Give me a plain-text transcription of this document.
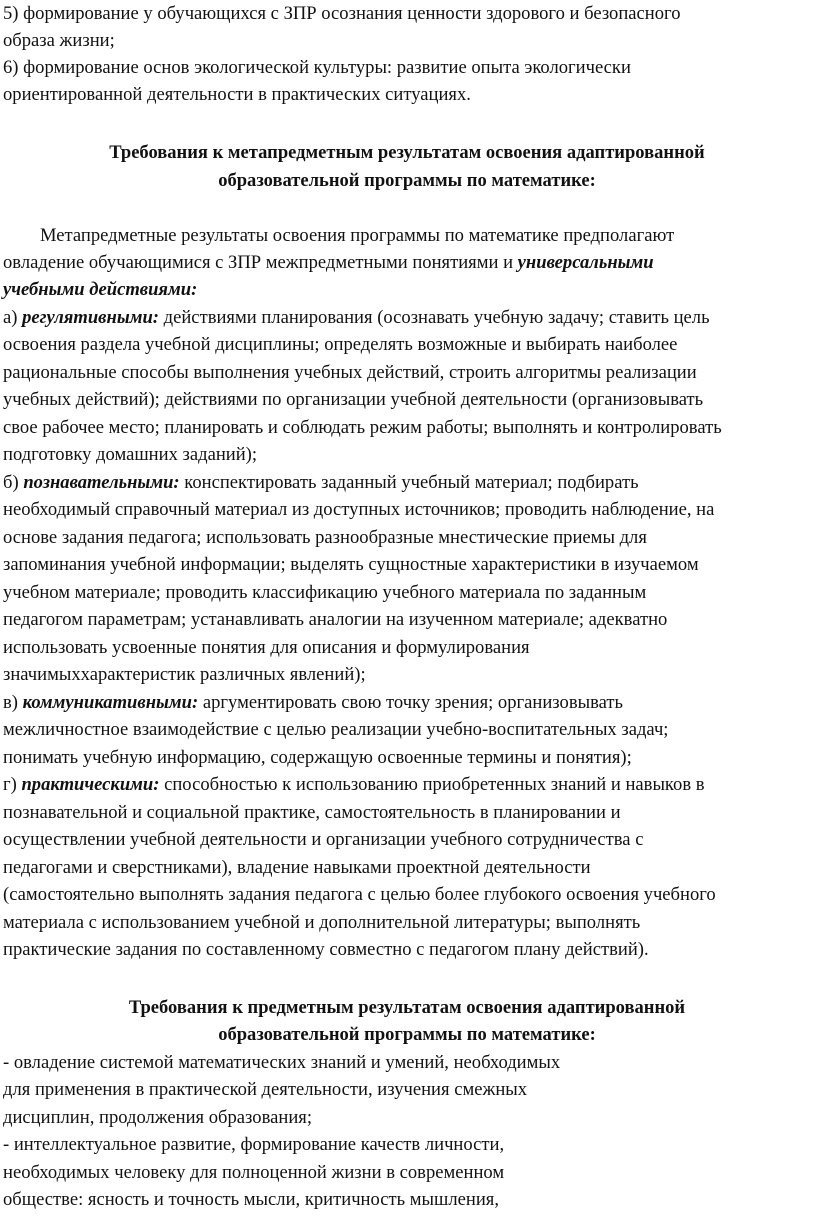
5) формирование у обучающихся с ЗПР осознания ценности здорового и безопасного
образа жизни;
6) формирование основ экологической культуры: развитие опыта экологически
ориентированной деятельности в практических ситуациях.
Требования к метапредметным результатам освоения адаптированной
образовательной программы по математике:
Метапредметные результаты освоения программы по математике предполагают
овладение обучающимися с ЗПР межпредметными понятиями и универсальными
учебными действиями:
а) регулятивными: действиями планирования (осознавать учебную задачу; ставить цель
освоения раздела учебной дисциплины; определять возможные и выбирать наиболее
рациональные способы выполнения учебных действий, строить алгоритмы реализации
учебных действий); действиями по организации учебной деятельности (организовывать
свое рабочее место; планировать и соблюдать режим работы; выполнять и контролировать
подготовку домашних заданий);
б) познавательными: конспектировать заданный учебный материал; подбирать
необходимый справочный материал из доступных источников; проводить наблюдение, на
основе задания педагога; использовать разнообразные мнестические приемы для
запоминания учебной информации; выделять сущностные характеристики в изучаемом
учебном материале; проводить классификацию учебного материала по заданным
педагогом параметрам; устанавливать аналогии на изученном материале; адекватно
использовать усвоенные понятия для описания и формулирования
значимыххарактеристик различных явлений);
в) коммуникативными: аргументировать свою точку зрения; организовывать
межличностное взаимодействие с целью реализации учебно-воспитательных задач;
понимать учебную информацию, содержащую освоенные термины и понятия);
г) практическими: способностью к использованию приобретенных знаний и навыков в
познавательной и социальной практике, самостоятельность в планировании и
осуществлении учебной деятельности и организации учебного сотрудничества с
педагогами и сверстниками), владение навыками проектной деятельности
(самостоятельно выполнять задания педагога с целью более глубокого освоения учебного
материала с использованием учебной и дополнительной литературы; выполнять
практические задания по составленному совместно с педагогом плану действий).
Требования к предметным результатам освоения адаптированной
образовательной программы по математике:
- овладение системой математических знаний и умений, необходимых
для применения в практической деятельности, изучения смежных
дисциплин, продолжения образования;
- интеллектуальное развитие, формирование качеств личности,
необходимых человеку для полноценной жизни в современном
обществе: ясность и точность мысли, критичность мышления,
